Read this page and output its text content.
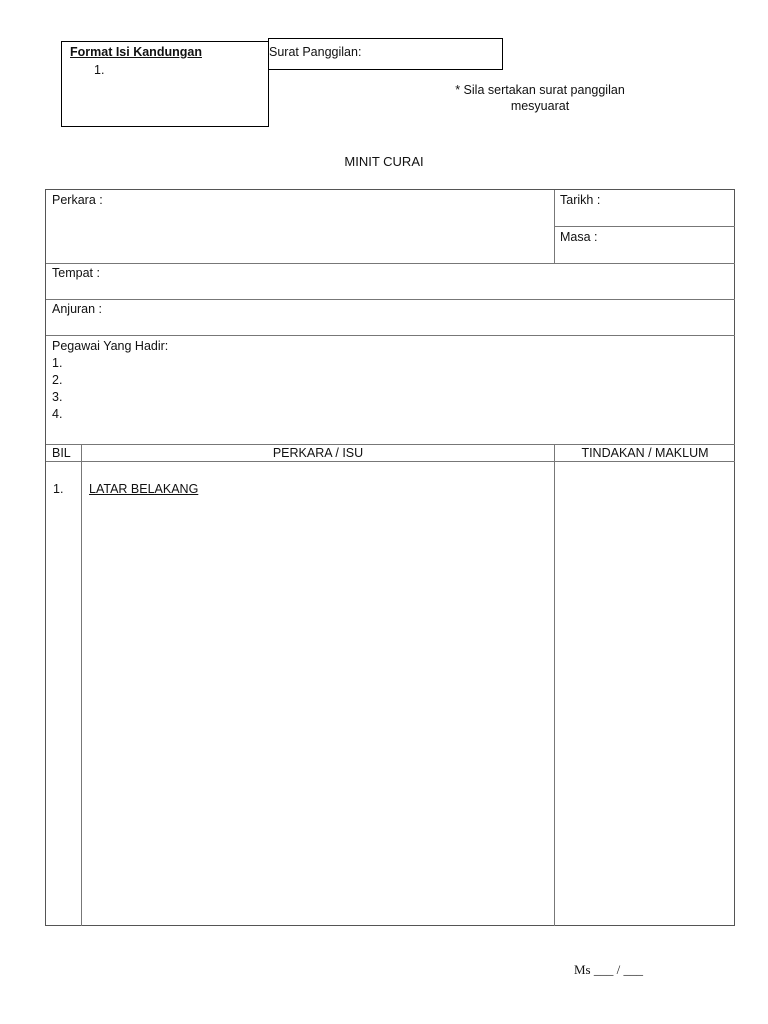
Format Isi Kandungan
1.
Surat Panggilan:
* Sila sertakan surat panggilan
mesyuarat
MINIT CURAI
Perkara :	Tarikh :
Masa :
Tempat :
Anjuran :
Pegawai Yang Hadir:
1.
2.
3.
4.
BIL	PERKARA / ISU	TINDAKAN / MAKLUM
1. LATAR BELAKANG
Ms ___ / ___
